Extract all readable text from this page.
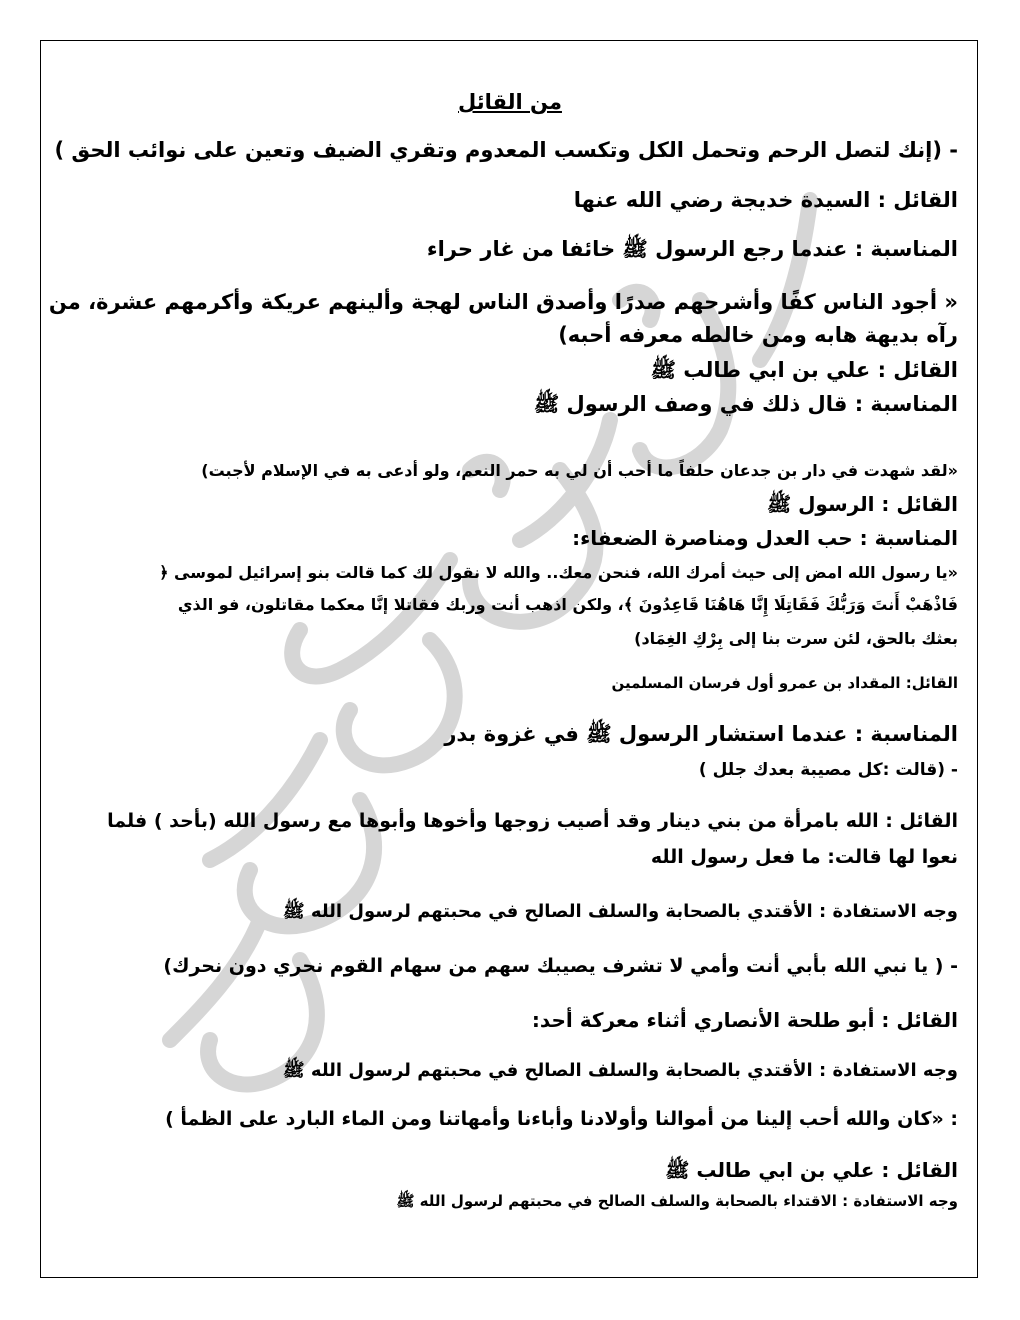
أ/ عبدالمحسن محمد
من القائل
- (إنك لتصل الرحم وتحمل الكل وتكسب المعدوم وتقري الضيف وتعين على نوائب الحق )
القائل : السيدة خديجة رضي الله عنها
المناسبة : عندما رجع الرسول ﷺ خائفا من غار حراء
« أجود الناس كفًا وأشرحهم صدرًا وأصدق الناس لهجة وألينهم عريكة وأكرمهم عشرة، من
رآه بديهة هابه ومن خالطه معرفه أحبه)
القائل : علي بن ابي طالب ﷺ
المناسبة : قال ذلك في وصف الرسول ﷺ
«لقد شهدت في دار بن جدعان حلفاً ما أحب أن لي به حمر النعم، ولو أدعى به في الإسلام لأجبت)
القائل : الرسول ﷺ
المناسبة : حب العدل ومناصرة الضعفاء:
«يا رسول الله امض إلى حيث أمرك الله، فنحن معك.. والله لا نقول لك كما قالت بنو إسرائيل لموسى ﴿
فَاذْهَبْ أَنتَ وَرَبُّكَ فَقَاتِلَا إِنَّا هَاهُنَا قَاعِدُونَ ﴾، ولكن اذهب أنت وربك فقاتلا إنَّا معكما مقاتلون، فو الذي
بعثك بالحق، لئن سرت بنا إلى بِرْكِ الغِمَاد)
القائل: المقداد بن عمرو أول فرسان المسلمين
المناسبة : عندما استشار الرسول ﷺ في غزوة بدر
- (قالت :كل مصيبة بعدك جلل )
القائل : الله بامرأة من بني دينار وقد أصيب زوجها وأخوها وأبوها مع رسول الله (بأحد ) فلما
نعوا لها قالت: ما فعل رسول الله
وجه الاستفادة : الأقتدي بالصحابة والسلف الصالح في محبتهم لرسول الله ﷺ
- ( يا نبي الله بأبي أنت وأمي لا تشرف يصيبك سهم من سهام القوم نحري دون نحرك)
القائل : أبو طلحة الأنصاري أثناء معركة أحد:
وجه الاستفادة : الأقتدي بالصحابة والسلف الصالح في محبتهم لرسول الله ﷺ
: «كان والله أحب إلينا من أموالنا وأولادنا وأباءنا وأمهاتنا ومن الماء البارد على الظمأ )
القائل : علي بن ابي طالب ﷺ
وجه الاستفادة : الاقتداء بالصحابة والسلف الصالح في محبتهم لرسول الله ﷺ
